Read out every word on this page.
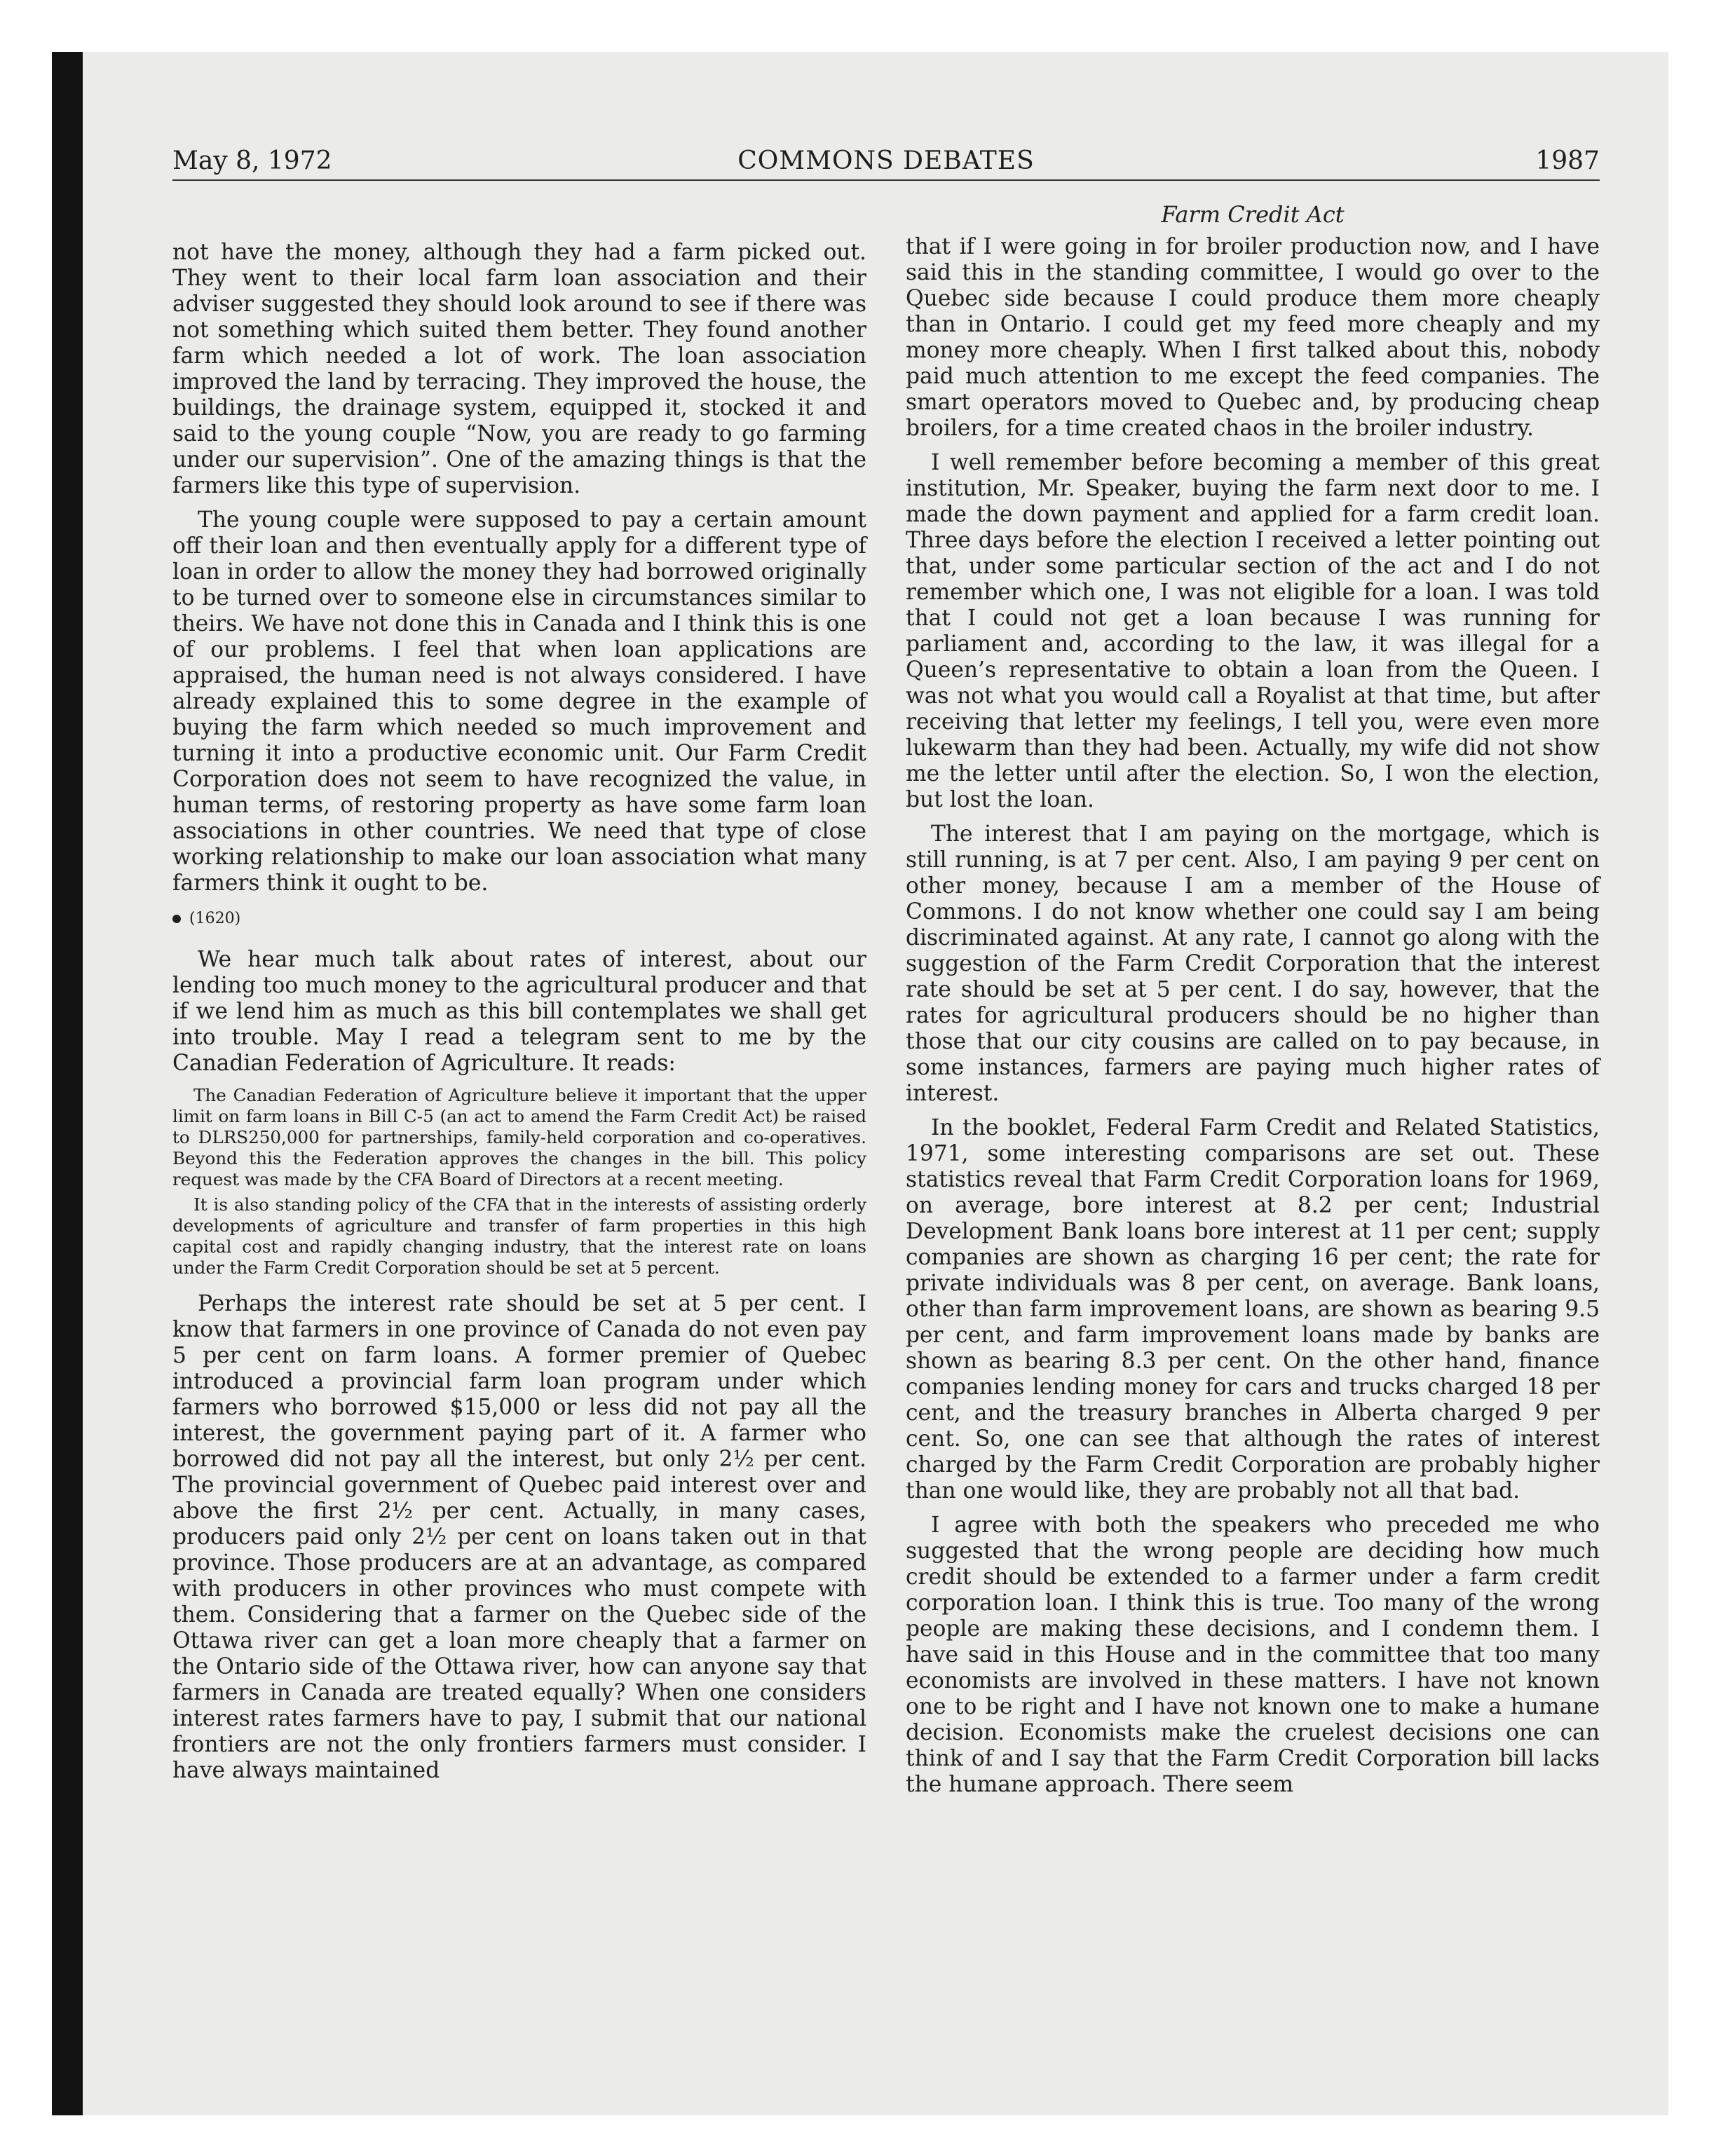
May 8, 1972	COMMONS DEBATES	1987

not have the money, although they had a farm picked out. They went to their local farm loan association and their adviser suggested they should look around to see if there was not something which suited them better. They found another farm which needed a lot of work. The loan association improved the land by terracing. They improved the house, the buildings, the drainage system, equipped it, stocked it and said to the young couple “Now, you are ready to go farming under our supervision”. One of the amazing things is that the farmers like this type of supervision.

The young couple were supposed to pay a certain amount off their loan and then eventually apply for a different type of loan in order to allow the money they had borrowed originally to be turned over to someone else in circumstances similar to theirs. We have not done this in Canada and I think this is one of our problems. I feel that when loan applications are appraised, the human need is not always considered. I have already explained this to some degree in the example of buying the farm which needed so much improvement and turning it into a productive economic unit. Our Farm Credit Corporation does not seem to have recognized the value, in human terms, of restoring property as have some farm loan associations in other countries. We need that type of close working relationship to make our loan association what many farmers think it ought to be.

(1620)

We hear much talk about rates of interest, about our lending too much money to the agricultural producer and that if we lend him as much as this bill contemplates we shall get into trouble. May I read a telegram sent to me by the Canadian Federation of Agriculture. It reads:

The Canadian Federation of Agriculture believe it important that the upper limit on farm loans in Bill C-5 (an act to amend the Farm Credit Act) be raised to DLRS250,000 for partnerships, family-held corporation and co-operatives. Beyond this the Federation approves the changes in the bill. This policy request was made by the CFA Board of Directors at a recent meeting.

It is also standing policy of the CFA that in the interests of assisting orderly developments of agriculture and transfer of farm properties in this high capital cost and rapidly changing industry, that the interest rate on loans under the Farm Credit Corporation should be set at 5 percent.

Perhaps the interest rate should be set at 5 per cent. I know that farmers in one province of Canada do not even pay 5 per cent on farm loans. A former premier of Quebec introduced a provincial farm loan program under which farmers who borrowed $15,000 or less did not pay all the interest, the government paying part of it. A farmer who borrowed did not pay all the interest, but only 2½ per cent. The provincial government of Quebec paid interest over and above the first 2½ per cent. Actually, in many cases, producers paid only 2½ per cent on loans taken out in that province. Those producers are at an advantage, as compared with producers in other provinces who must compete with them. Considering that a farmer on the Quebec side of the Ottawa river can get a loan more cheaply that a farmer on the Ontario side of the Ottawa river, how can anyone say that farmers in Canada are treated equally? When one considers interest rates farmers have to pay, I submit that our national frontiers are not the only frontiers farmers must consider. I have always maintained

Farm Credit Act

that if I were going in for broiler production now, and I have said this in the standing committee, I would go over to the Quebec side because I could produce them more cheaply than in Ontario. I could get my feed more cheaply and my money more cheaply. When I first talked about this, nobody paid much attention to me except the feed companies. The smart operators moved to Quebec and, by producing cheap broilers, for a time created chaos in the broiler industry.

I well remember before becoming a member of this great institution, Mr. Speaker, buying the farm next door to me. I made the down payment and applied for a farm credit loan. Three days before the election I received a letter pointing out that, under some particular section of the act and I do not remember which one, I was not eligible for a loan. I was told that I could not get a loan because I was running for parliament and, according to the law, it was illegal for a Queen’s representative to obtain a loan from the Queen. I was not what you would call a Royalist at that time, but after receiving that letter my feelings, I tell you, were even more lukewarm than they had been. Actually, my wife did not show me the letter until after the election. So, I won the election, but lost the loan.

The interest that I am paying on the mortgage, which is still running, is at 7 per cent. Also, I am paying 9 per cent on other money, because I am a member of the House of Commons. I do not know whether one could say I am being discriminated against. At any rate, I cannot go along with the suggestion of the Farm Credit Corporation that the interest rate should be set at 5 per cent. I do say, however, that the rates for agricultural producers should be no higher than those that our city cousins are called on to pay because, in some instances, farmers are paying much higher rates of interest.

In the booklet, Federal Farm Credit and Related Statistics, 1971, some interesting comparisons are set out. These statistics reveal that Farm Credit Corporation loans for 1969, on average, bore interest at 8.2 per cent; Industrial Development Bank loans bore interest at 11 per cent; supply companies are shown as charging 16 per cent; the rate for private individuals was 8 per cent, on average. Bank loans, other than farm improvement loans, are shown as bearing 9.5 per cent, and farm improvement loans made by banks are shown as bearing 8.3 per cent. On the other hand, finance companies lending money for cars and trucks charged 18 per cent, and the treasury branches in Alberta charged 9 per cent. So, one can see that although the rates of interest charged by the Farm Credit Corporation are probably higher than one would like, they are probably not all that bad.

I agree with both the speakers who preceded me who suggested that the wrong people are deciding how much credit should be extended to a farmer under a farm credit corporation loan. I think this is true. Too many of the wrong people are making these decisions, and I condemn them. I have said in this House and in the committee that too many economists are involved in these matters. I have not known one to be right and I have not known one to make a humane decision. Economists make the cruelest decisions one can think of and I say that the Farm Credit Corporation bill lacks the humane approach. There seem
